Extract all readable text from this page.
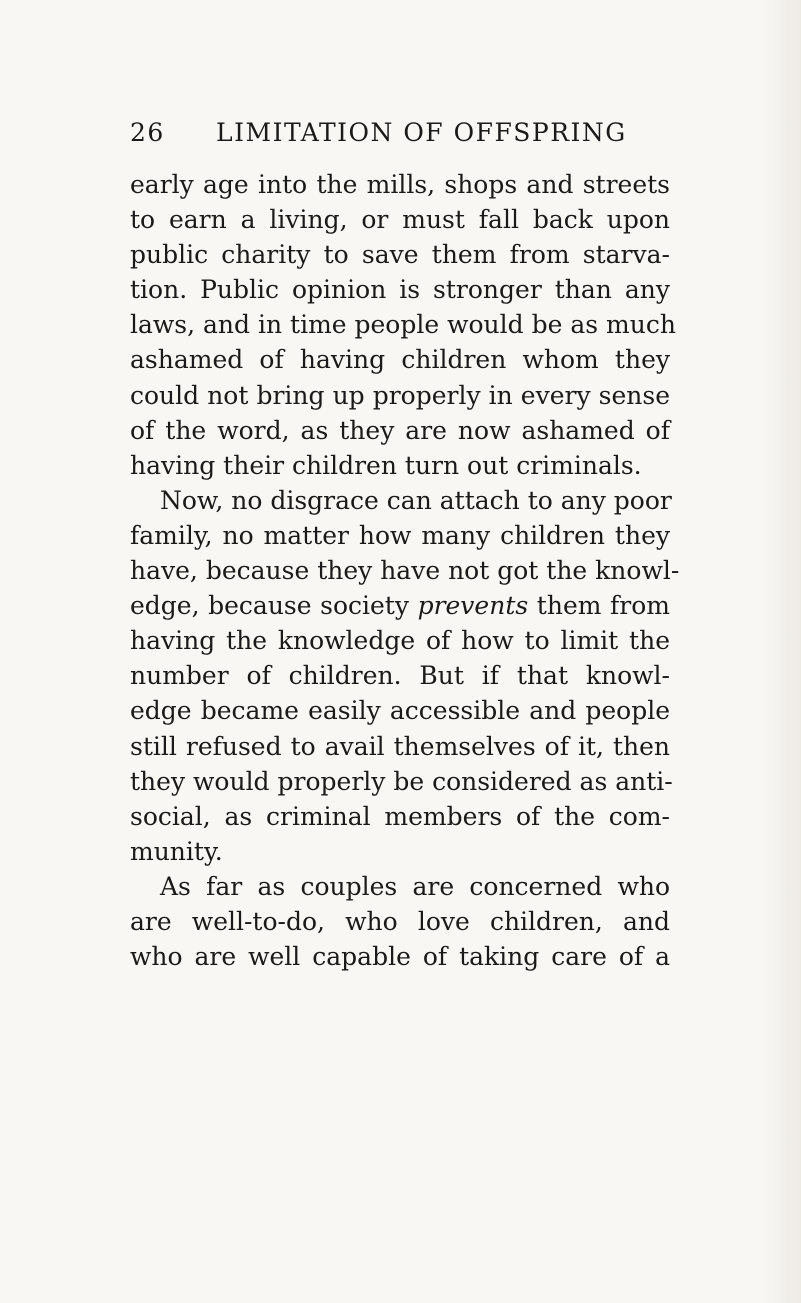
26 LIMITATION OF OFFSPRING
early age into the mills, shops and streets
to earn a living, or must fall back upon
public charity to save them from starva-
tion. Public opinion is stronger than any
laws, and in time people would be as much
ashamed of having children whom they
could not bring up properly in every sense
of the word, as they are now ashamed of
having their children turn out criminals.
Now, no disgrace can attach to any poor
family, no matter how many children they
have, because they have not got the knowl-
edge, because society prevents them from
having the knowledge of how to limit the
number of children. But if that knowl-
edge became easily accessible and people
still refused to avail themselves of it, then
they would properly be considered as anti-
social, as criminal members of the com-
munity.
As far as couples are concerned who
are well-to-do, who love children, and
who are well capable of taking care of a
